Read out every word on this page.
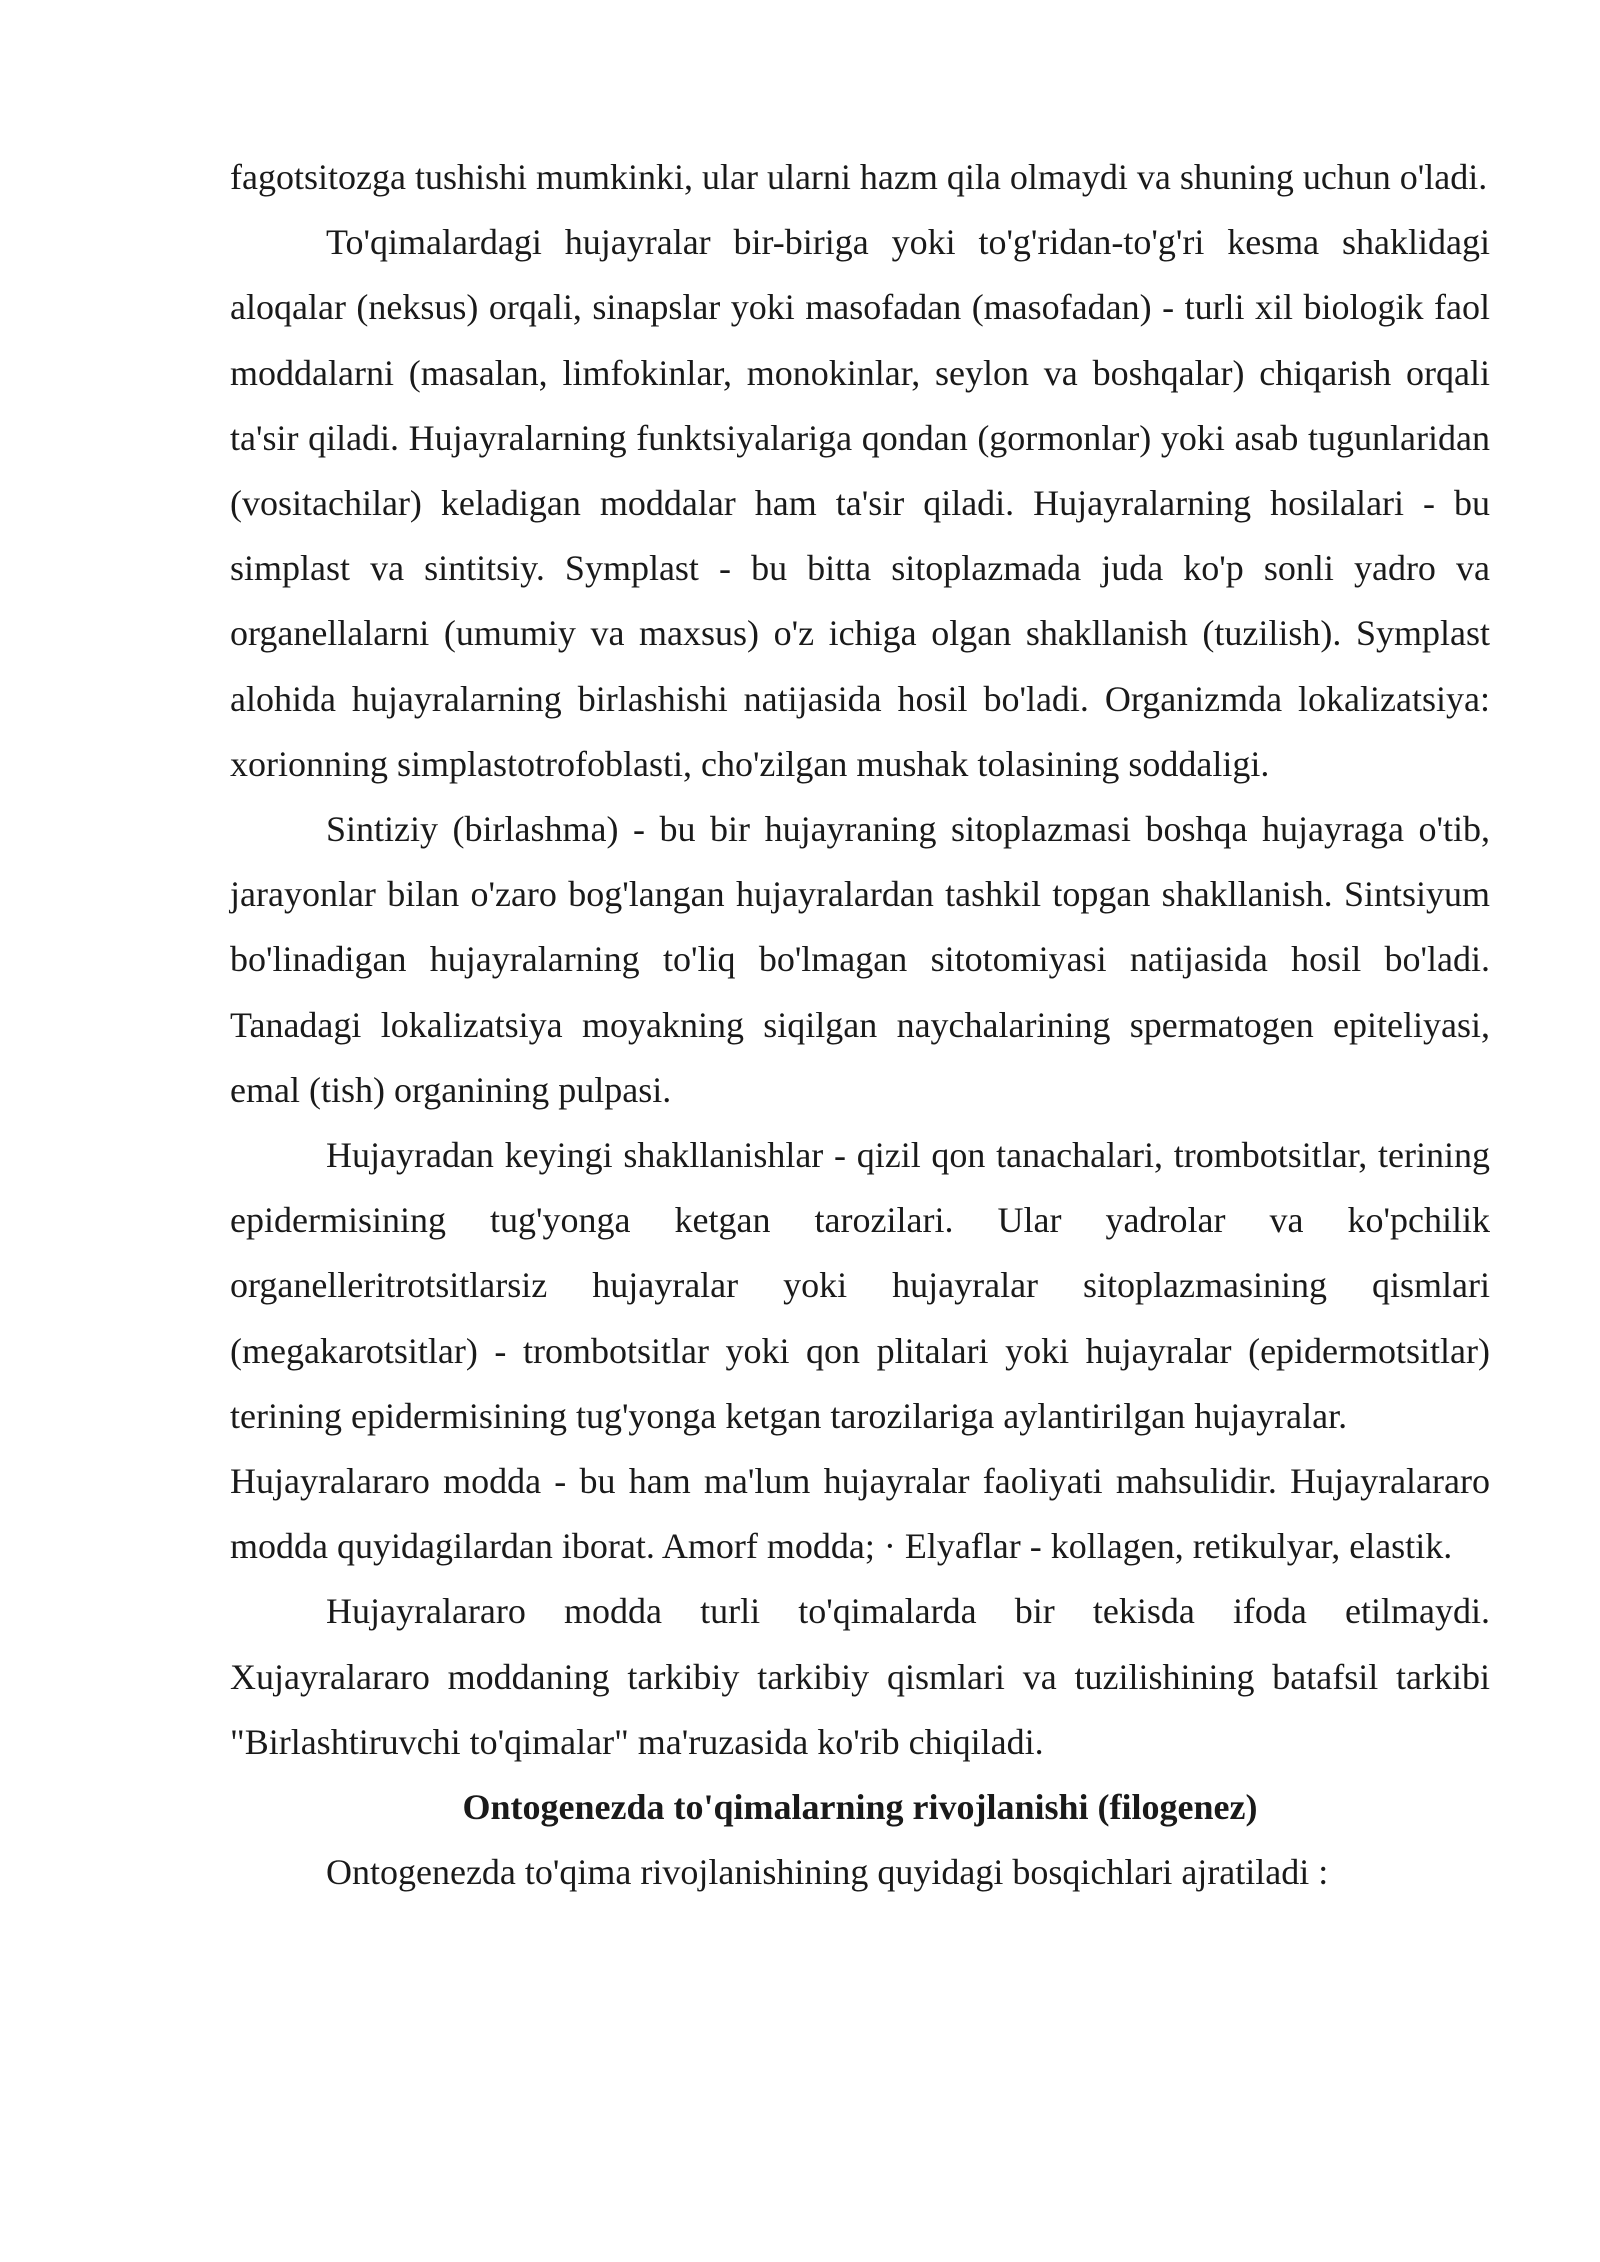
fagotsitozga tushishi mumkinki, ular ularni hazm qila olmaydi va shuning uchun o'ladi.

To'qimalardagi hujayralar bir-biriga yoki to'g'ridan-to'g'ri kesma shaklidagi aloqalar (neksus) orqali, sinapslar yoki masofadan (masofadan) - turli xil biologik faol moddalarni (masalan, limfokinlar, monokinlar, seylon va boshqalar) chiqarish orqali ta'sir qiladi. Hujayralarning funktsiyalariga qondan (gormonlar) yoki asab tugunlaridan (vositachilar) keladigan moddalar ham ta'sir qiladi. Hujayralarning hosilalari - bu simplast va sintitsiy. Symplast - bu bitta sitoplazmada juda ko'p sonli yadro va organellalarni (umumiy va maxsus) o'z ichiga olgan shakllanish (tuzilish). Symplast alohida hujayralarning birlashishi natijasida hosil bo'ladi. Organizmda lokalizatsiya: xorionning simplastotrofoblasti, cho'zilgan mushak tolasining soddaligi.

Sintiziy (birlashma) - bu bir hujayraning sitoplazmasi boshqa hujayraga o'tib, jarayonlar bilan o'zaro bog'langan hujayralardan tashkil topgan shakllanish. Sintsiyum bo'linadigan hujayralarning to'liq bo'lmagan sitotomiyasi natijasida hosil bo'ladi. Tanadagi lokalizatsiya moyakning siqilgan naychalarining spermatogen epiteliyasi, emal (tish) organining pulpasi.

Hujayradan keyingi shakllanishlar - qizil qon tanachalari, trombotsitlar, terining epidermisining tug'yonga ketgan tarozilari. Ular yadrolar va ko'pchilik organelleritrotsitlarsiz hujayralar yoki hujayralar sitoplazmasining qismlari (megakarotsitlar) - trombotsitlar yoki qon plitalari yoki hujayralar (epidermotsitlar) terining epidermisining tug'yonga ketgan tarozilariga aylantirilgan hujayralar.

Hujayralararo modda - bu ham ma'lum hujayralar faoliyati mahsulidir. Hujayralararo modda quyidagilardan iborat. Amorf modda; · Elyaflar - kollagen, retikulyar, elastik.

Hujayralararo modda turli to'qimalarda bir tekisda ifoda etilmaydi. Xujayralararo moddaning tarkibiy tarkibiy qismlari va tuzilishining batafsil tarkibi "Birlashtiruvchi to'qimalar" ma'ruzasida ko'rib chiqiladi.

Ontogenezda to'qimalarning rivojlanishi (filogenez)

Ontogenezda to'qima rivojlanishining quyidagi bosqichlari ajratiladi :
